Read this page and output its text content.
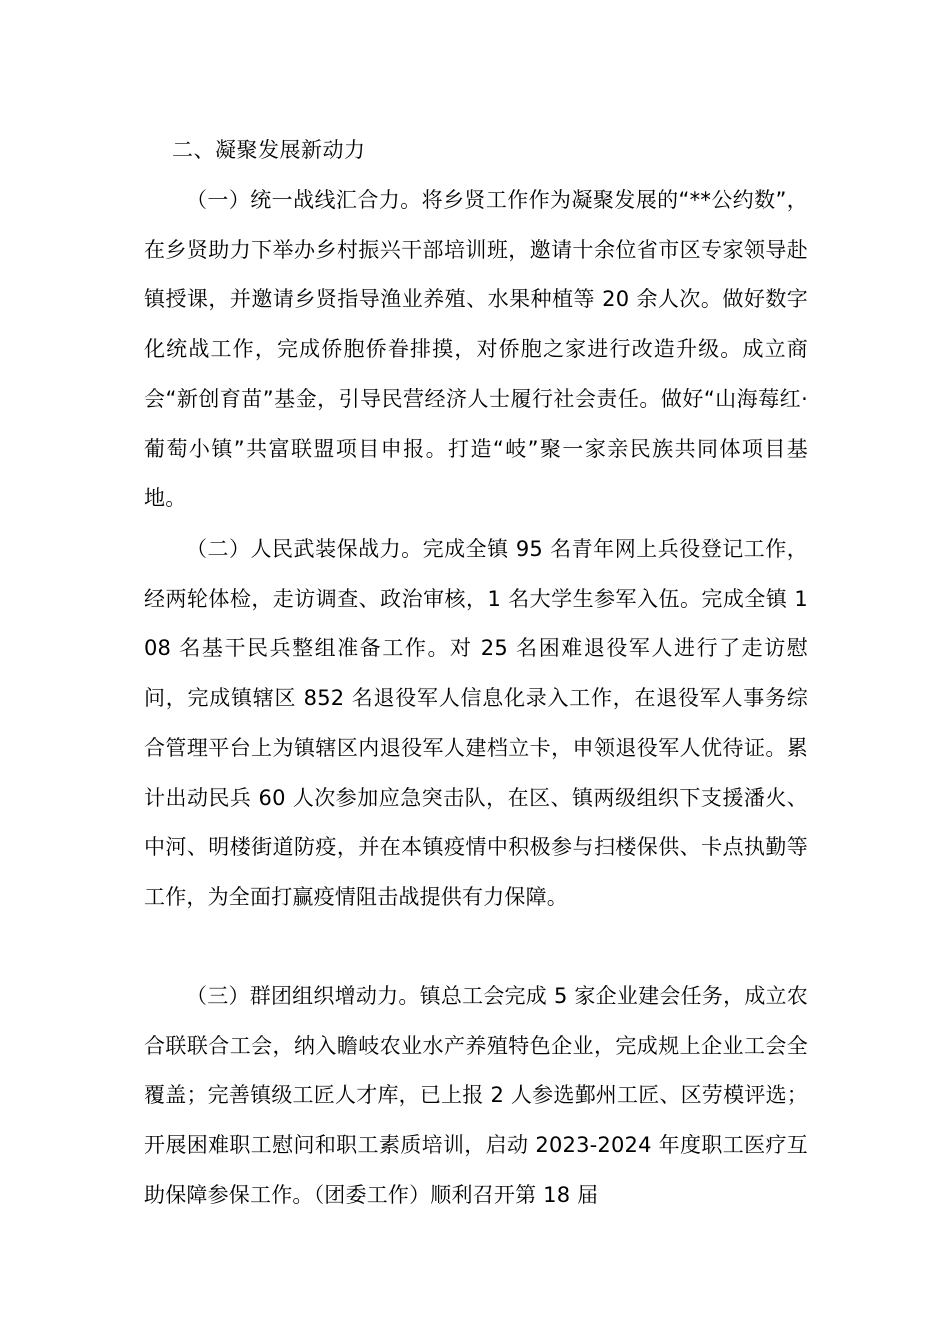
二、凝聚发展新动力

（一）统一战线汇合力。将乡贤工作作为凝聚发展的“**公约数”，在乡贤助力下举办乡村振兴干部培训班，邀请十余位省市区专家领导赴镇授课，并邀请乡贤指导渔业养殖、水果种植等 20 余人次。做好数字化统战工作，完成侨胞侨眷排摸，对侨胞之家进行改造升级。成立商会“新创育苗”基金，引导民营经济人士履行社会责任。做好“山海莓红·葡萄小镇”共富联盟项目申报。打造“岐”聚一家亲民族共同体项目基地。

（二）人民武装保战力。完成全镇 95 名青年网上兵役登记工作，经两轮体检，走访调查、政治审核，1 名大学生参军入伍。完成全镇 108 名基干民兵整组准备工作。对 25 名困难退役军人进行了走访慰问，完成镇辖区 852 名退役军人信息化录入工作，在退役军人事务综合管理平台上为镇辖区内退役军人建档立卡，申领退役军人优待证。累计出动民兵 60 人次参加应急突击队，在区、镇两级组织下支援潘火、中河、明楼街道防疫，并在本镇疫情中积极参与扫楼保供、卡点执勤等工作，为全面打赢疫情阻击战提供有力保障。

（三）群团组织增动力。镇总工会完成 5 家企业建会任务，成立农合联联合工会，纳入瞻岐农业水产养殖特色企业，完成规上企业工会全覆盖；完善镇级工匠人才库，已上报 2 人参选鄞州工匠、区劳模评选；开展困难职工慰问和职工素质培训，启动 2023-2024 年度职工医疗互助保障参保工作。（团委工作）顺利召开第 18 届
